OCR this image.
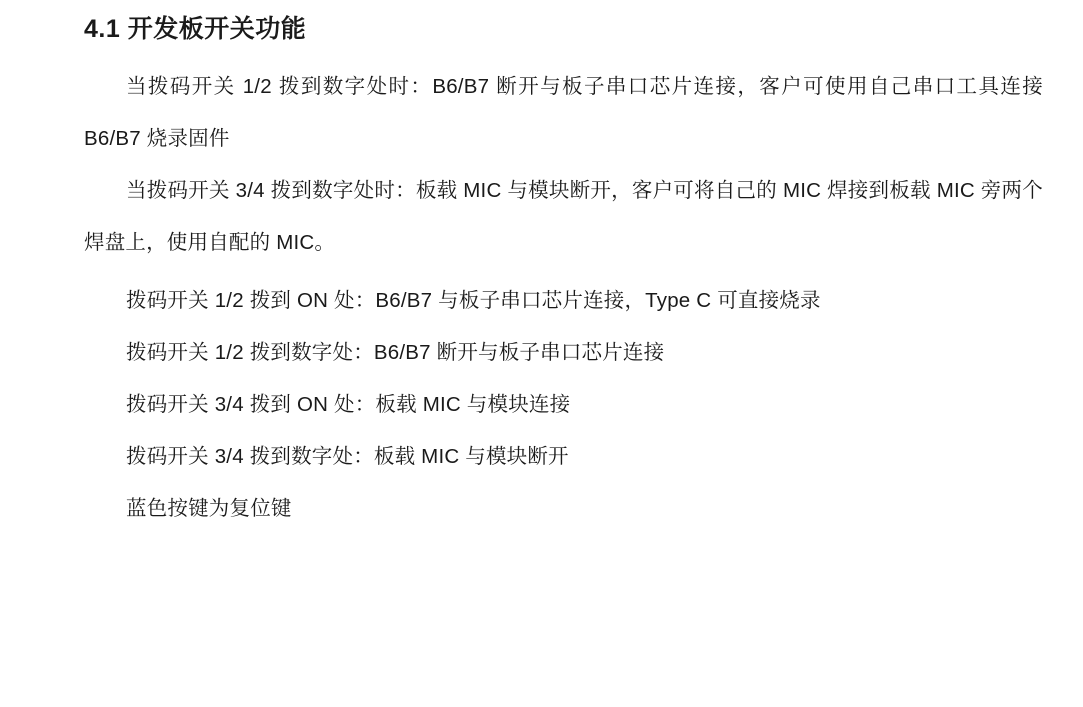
4.1 开发板开关功能

当拨码开关 1/2 拨到数字处时：B6/B7 断开与板子串口芯片连接，客户可使用自己串口工具连接 B6/B7 烧录固件

当拨码开关 3/4 拨到数字处时：板载 MIC 与模块断开，客户可将自己的 MIC 焊接到板载 MIC 旁两个焊盘上，使用自配的 MIC。

拨码开关 1/2 拨到 ON 处：B6/B7 与板子串口芯片连接，Type C 可直接烧录

拨码开关 1/2 拨到数字处：B6/B7 断开与板子串口芯片连接

拨码开关 3/4 拨到 ON 处：板载 MIC 与模块连接

拨码开关 3/4 拨到数字处：板载 MIC 与模块断开

蓝色按键为复位键
